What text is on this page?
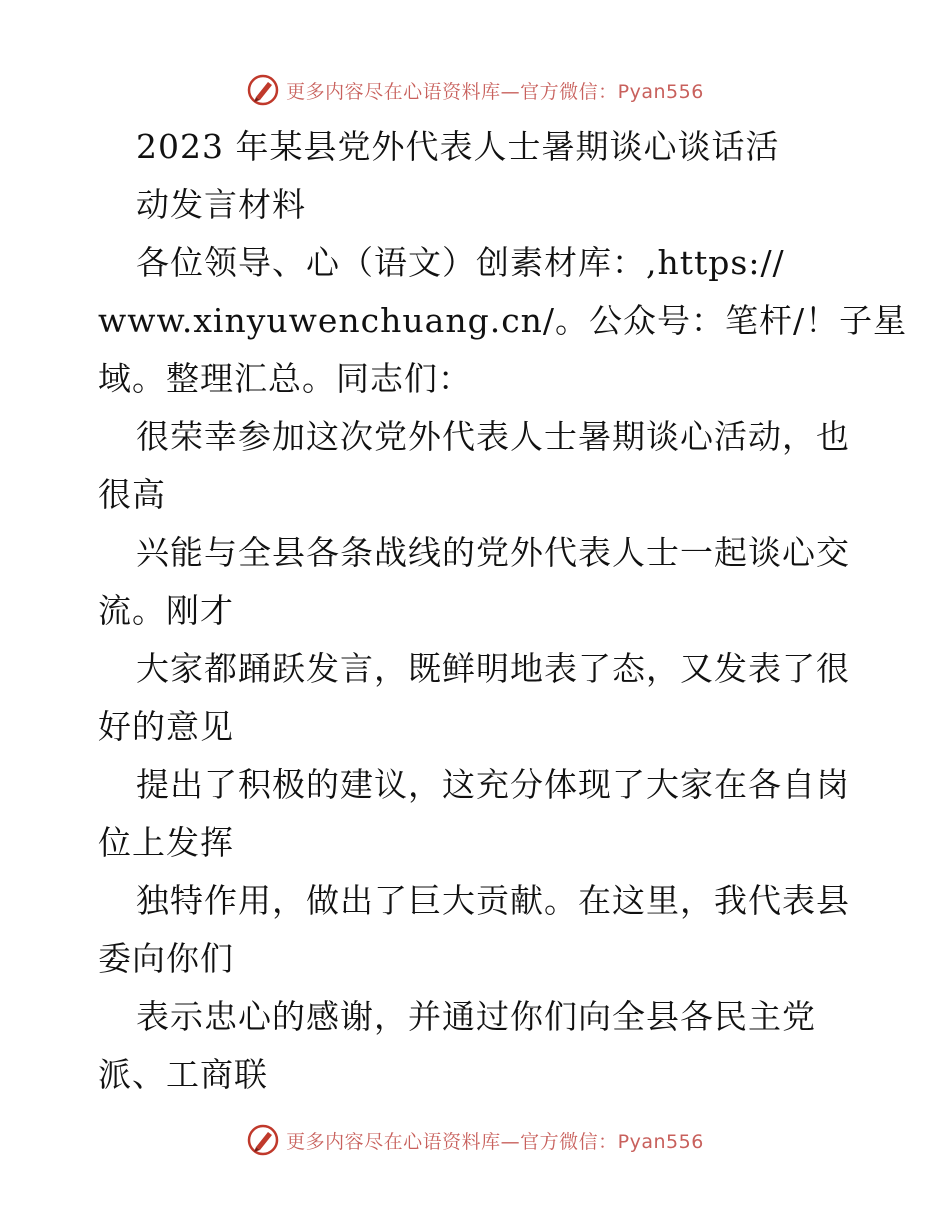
更多内容尽在心语资料库—官方微信：Pyan556
2023 年某县党外代表人士暑期谈心谈话活
动发言材料
各位领导、心（语文）创素材库：,https://
www.xinyuwenchuang.cn/。公众号：笔杆/！子星
域。整理汇总。同志们：
很荣幸参加这次党外代表人士暑期谈心活动，也
很高
兴能与全县各条战线的党外代表人士一起谈心交
流。刚才
大家都踊跃发言，既鲜明地表了态，又发表了很
好的意见
提出了积极的建议，这充分体现了大家在各自岗
位上发挥
独特作用，做出了巨大贡献。在这里，我代表县
委向你们
表示忠心的感谢，并通过你们向全县各民主党
派、工商联
更多内容尽在心语资料库—官方微信：Pyan556
